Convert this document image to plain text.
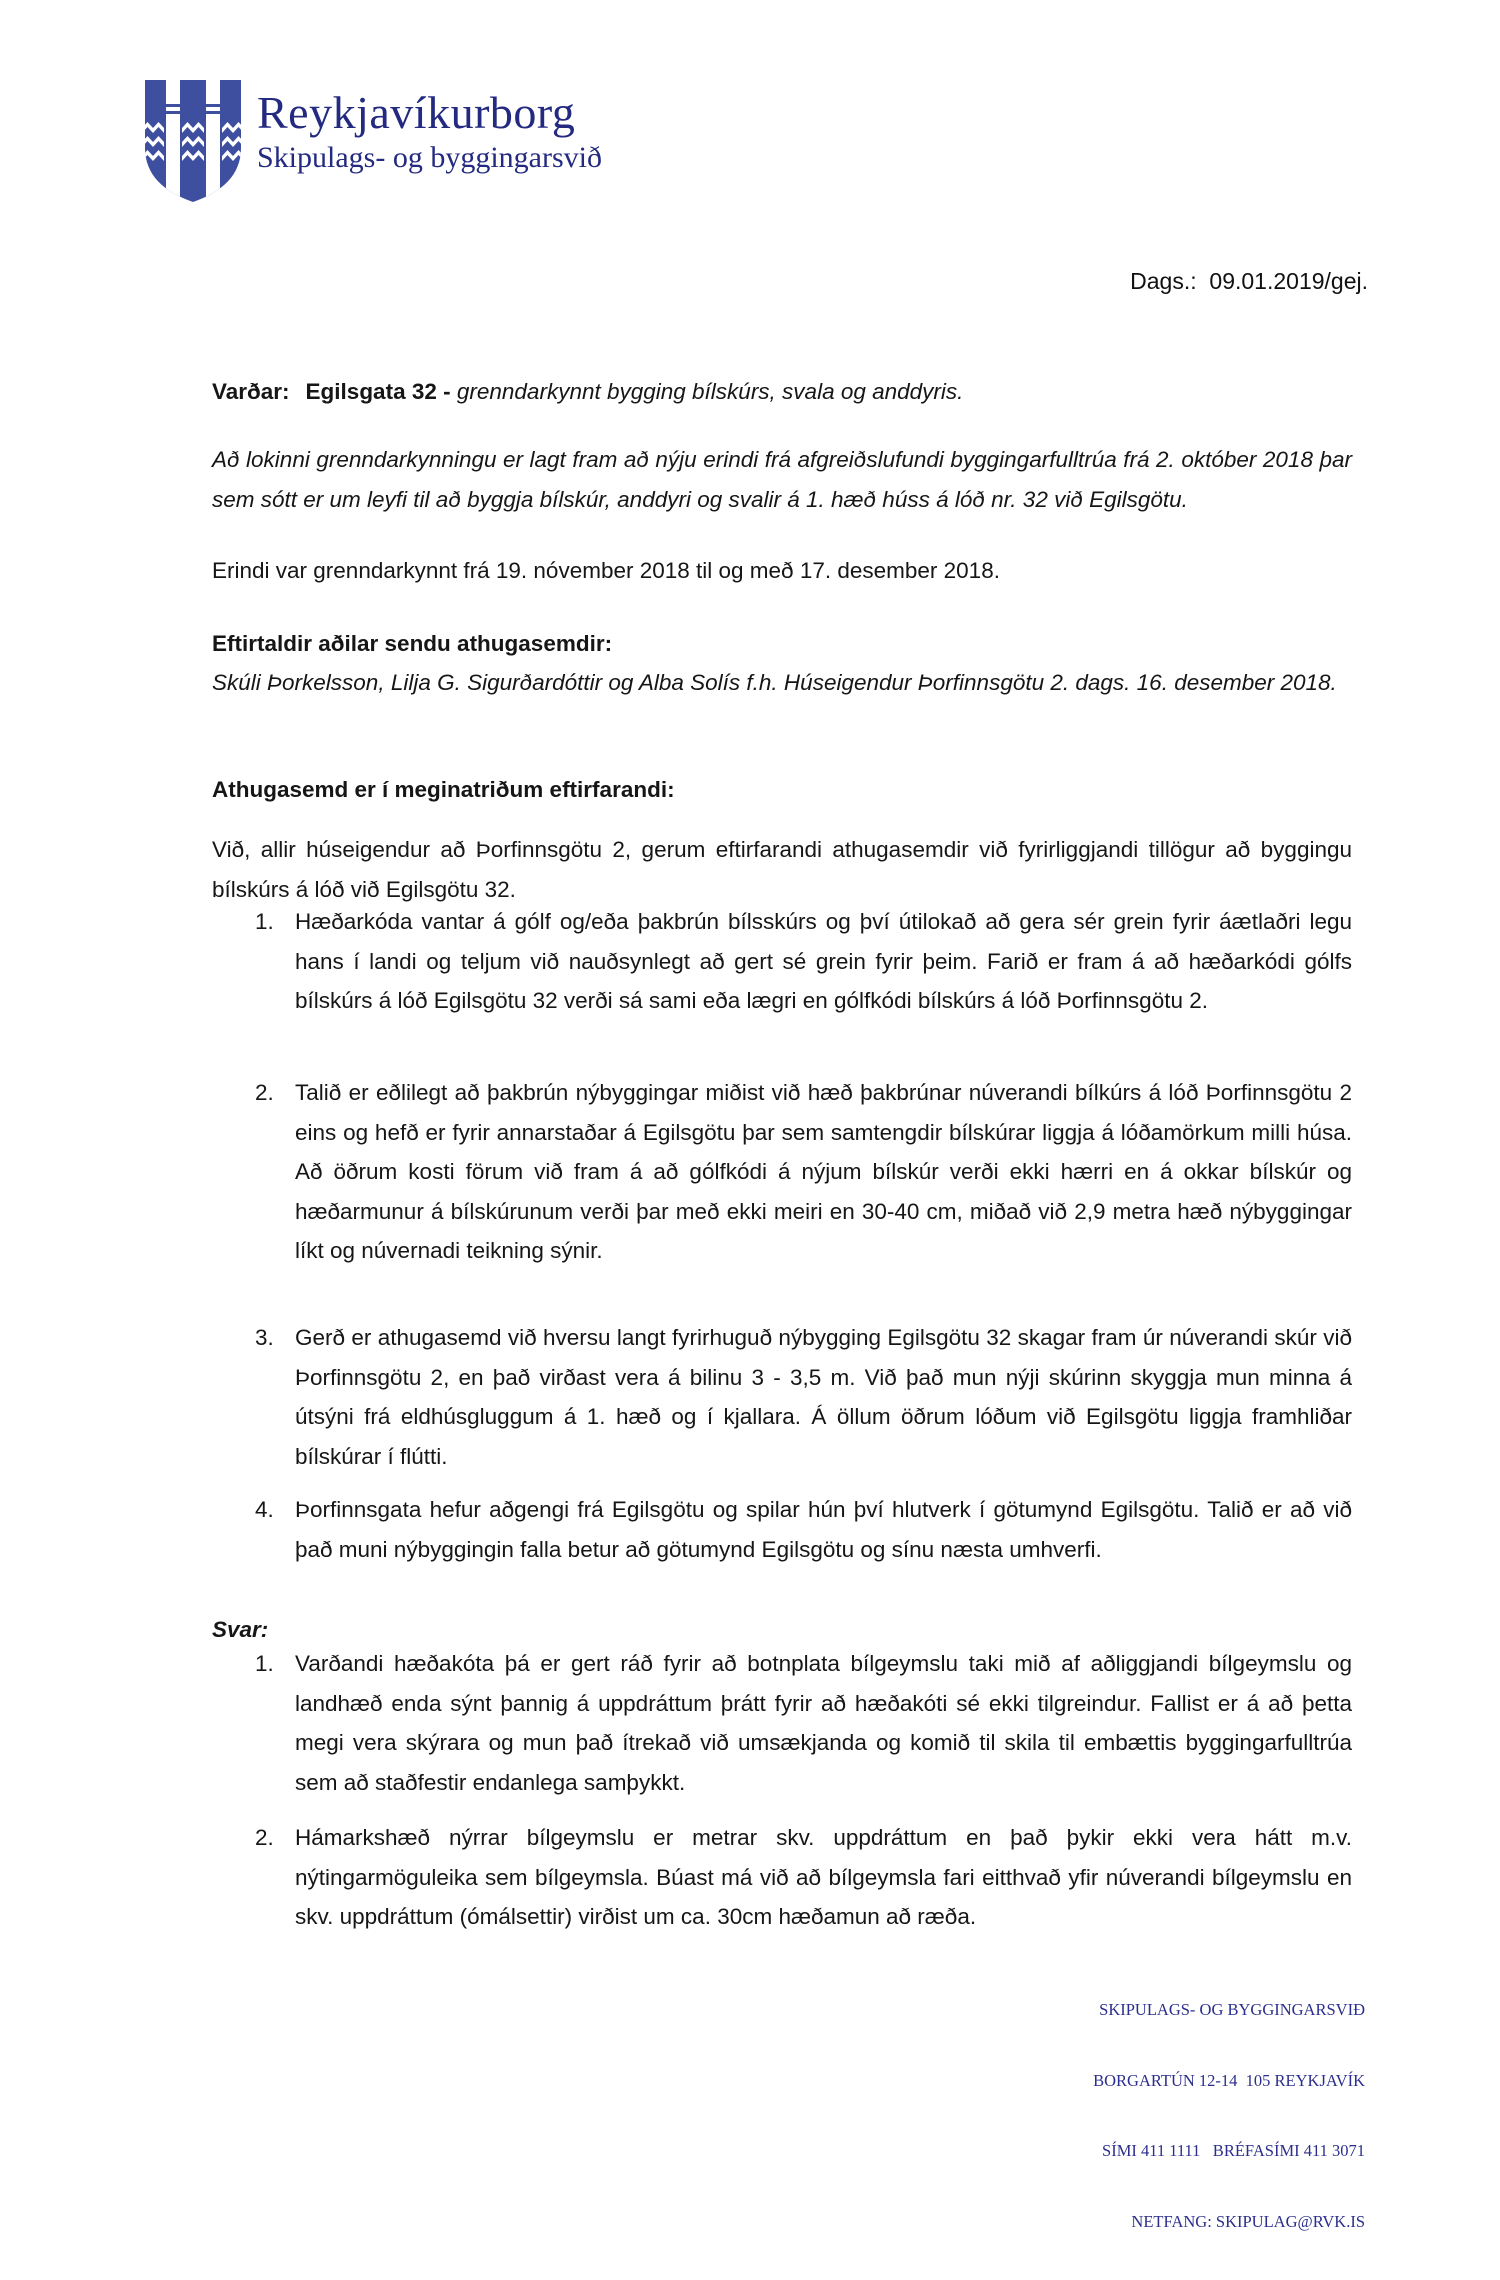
Reykjavíkurborg
Skipulags- og byggingarsvið
Dags.:  09.01.2019/gej.
Varðar: Egilsgata 32 - grenndarkynnt bygging bílskúrs, svala og anddyris.
Að lokinni grenndarkynningu er lagt fram að nýju erindi frá afgreiðslufundi byggingarfulltrúa frá 2. október 2018 þar sem sótt er um leyfi til að byggja bílskúr, anddyri og svalir á 1. hæð húss á lóð nr. 32 við Egilsgötu.
Erindi var grenndarkynnt frá 19. nóvember 2018 til og með 17. desember 2018.
Eftirtaldir aðilar sendu athugasemdir:
Skúli Þorkelsson, Lilja G. Sigurðardóttir og Alba Solís f.h. Húseigendur Þorfinnsgötu 2. dags. 16. desember 2018.
Athugasemd er í meginatriðum eftirfarandi:
Við, allir húseigendur að Þorfinnsgötu 2, gerum eftirfarandi athugasemdir við fyrirliggjandi tillögur að byggingu bílskúrs á lóð við Egilsgötu 32.
1. Hæðarkóda vantar á gólf og/eða þakbrún bílsskúrs og því útilokað að gera sér grein fyrir áætlaðri legu hans í landi og teljum við nauðsynlegt að gert sé grein fyrir þeim. Farið er fram á að hæðarkódi gólfs bílskúrs á lóð Egilsgötu 32 verði sá sami eða lægri en gólfkódi bílskúrs á lóð Þorfinnsgötu 2.
2. Talið er eðlilegt að þakbrún nýbyggingar miðist við hæð þakbrúnar núverandi bílkúrs á lóð Þorfinnsgötu 2 eins og hefð er fyrir annarstaðar á Egilsgötu þar sem samtengdir bílskúrar liggja á lóðamörkum milli húsa. Að öðrum kosti förum við fram á að gólfkódi á nýjum bílskúr verði ekki hærri en á okkar bílskúr og hæðarmunur á bílskúrunum verði þar með ekki meiri en 30-40 cm, miðað við 2,9 metra hæð nýbyggingar líkt og núvernadi teikning sýnir.
3. Gerð er athugasemd við hversu langt fyrirhuguð nýbygging Egilsgötu 32 skagar fram úr núverandi skúr við Þorfinnsgötu 2, en það virðast vera á bilinu 3 - 3,5 m. Við það mun nýji skúrinn skyggja mun minna á útsýni frá eldhúsgluggum á 1. hæð og í kjallara. Á öllum öðrum lóðum við Egilsgötu liggja framhliðar bílskúrar í flútti.
4. Þorfinnsgata hefur aðgengi frá Egilsgötu og spilar hún því hlutverk í götumynd Egilsgötu. Talið er að við það muni nýbyggingin falla betur að götumynd Egilsgötu og sínu næsta umhverfi.
Svar:
1. Varðandi hæðakóta þá er gert ráð fyrir að botnplata bílgeymslu taki mið af aðliggjandi bílgeymslu og landhæð enda sýnt þannig á uppdráttum þrátt fyrir að hæðakóti sé ekki tilgreindur. Fallist er á að þetta megi vera skýrara og mun það ítrekað við umsækjanda og komið til skila til embættis byggingarfulltrúa sem að staðfestir endanlega samþykkt.
2. Hámarkshæð nýrrar bílgeymslu er metrar skv. uppdráttum en það þykir ekki vera hátt m.v. nýtingarmöguleika sem bílgeymsla. Búast má við að bílgeymsla fari eitthvað yfir núverandi bílgeymslu en skv. uppdráttum (ómálsettir) virðist um ca. 30cm hæðamun að ræða.

SKIPULAGS- OG BYGGINGARSVIÐ

BORGARTÚN 12-14  105 REYKJAVÍK

SÍMI 411 1111   BRÉFASÍMI 411 3071

NETFANG: SKIPULAG@RVK.IS
